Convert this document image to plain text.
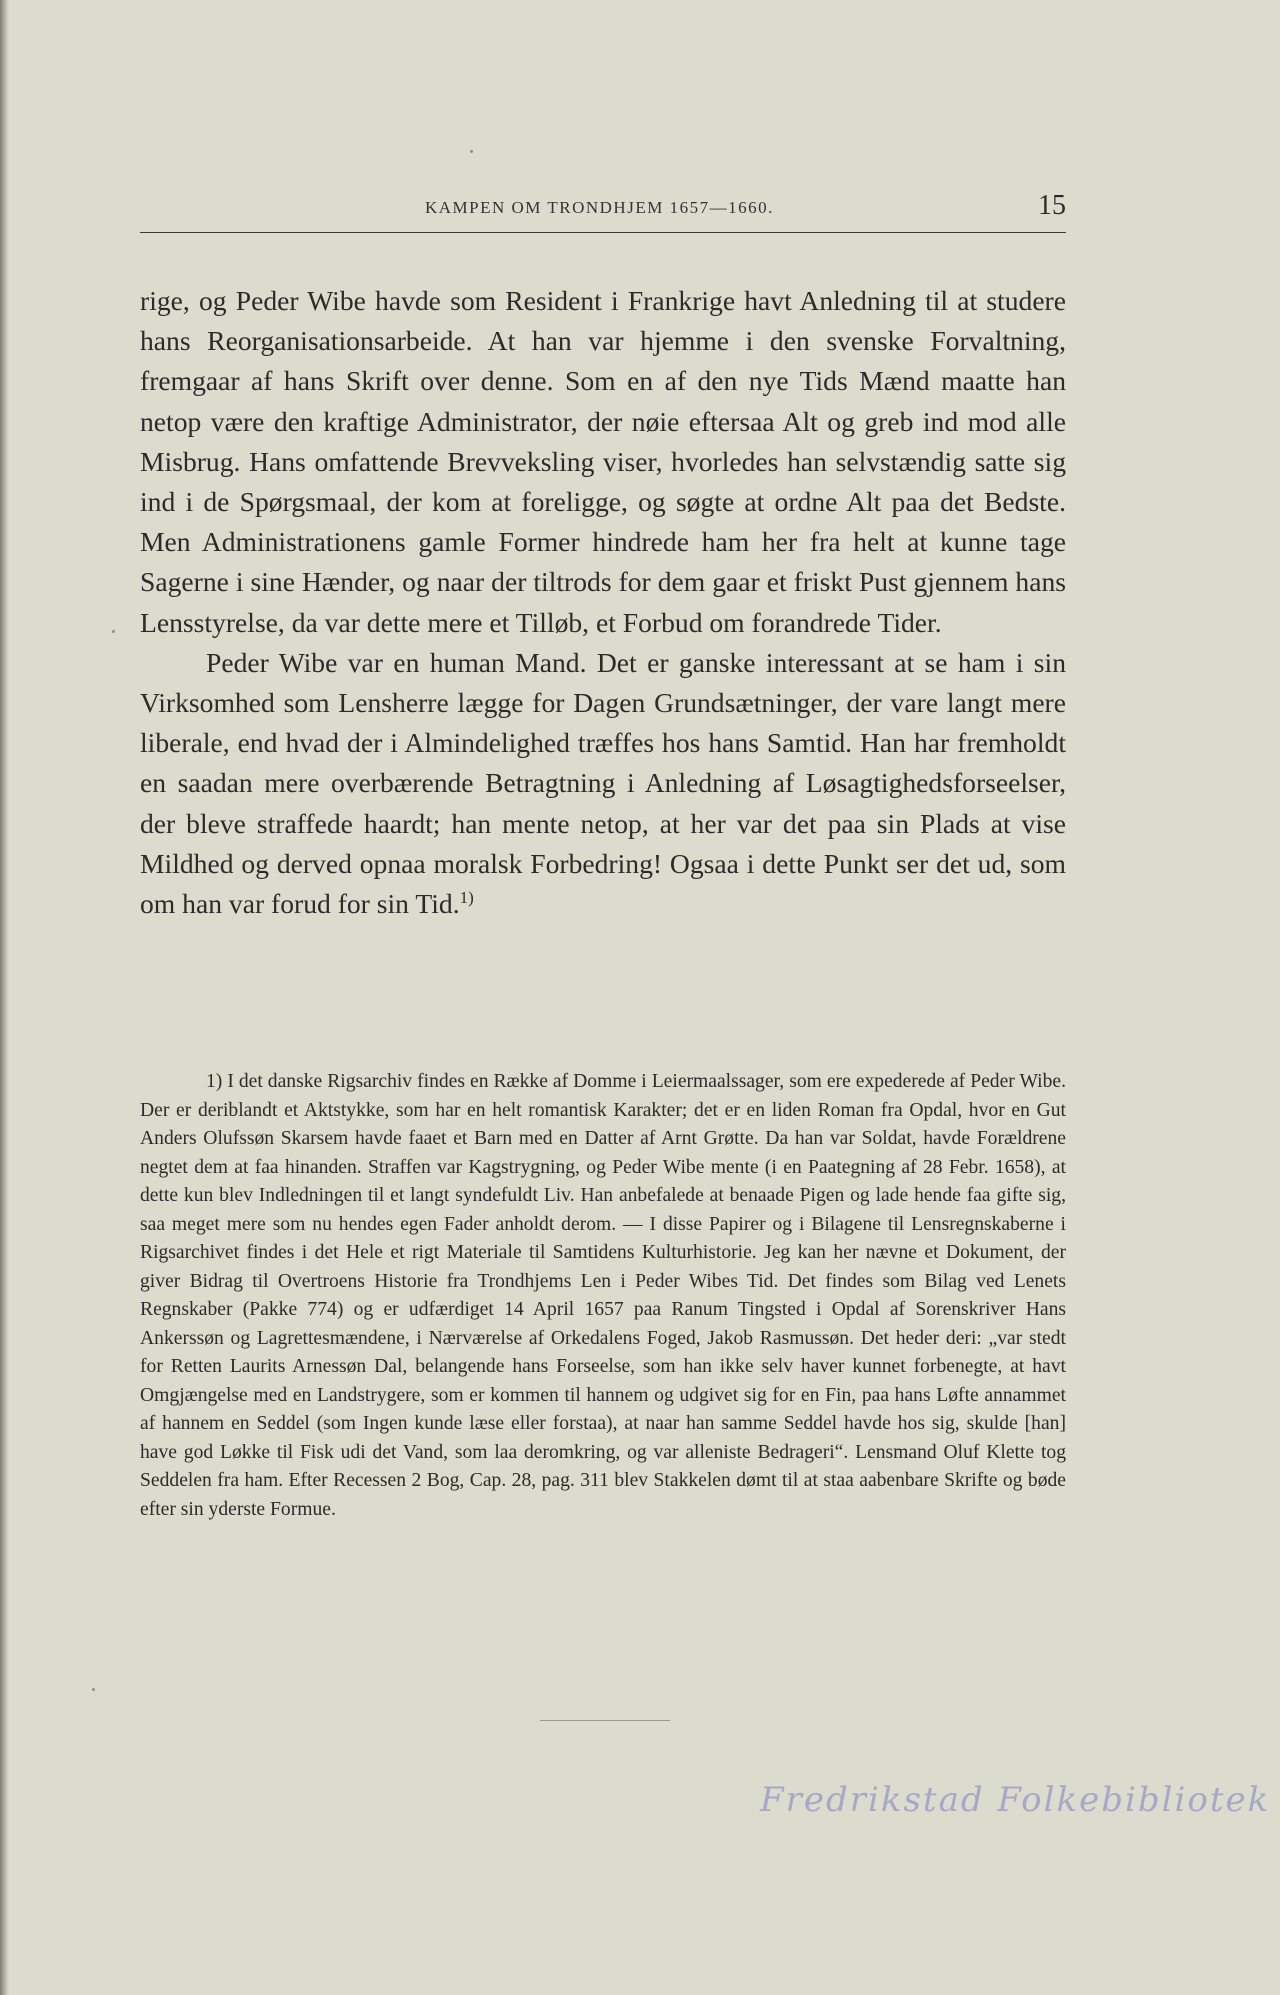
KAMPEN OM TRONDHJEM 1657—1660.	15

rige, og Peder Wibe havde som Resident i Frankrige havt Anledning til at studere hans Reorganisationsarbeide. At han var hjemme i den svenske Forvaltning, fremgaar af hans Skrift over denne. Som en af den nye Tids Mænd maatte han netop være den kraftige Administrator, der nøie eftersaa Alt og greb ind mod alle Misbrug. Hans omfattende Brevveksling viser, hvorledes han selvstændig satte sig ind i de Spørgsmaal, der kom at foreligge, og søgte at ordne Alt paa det Bedste. Men Administrationens gamle Former hindrede ham her fra helt at kunne tage Sagerne i sine Hænder, og naar der tiltrods for dem gaar et friskt Pust gjennem hans Lensstyrelse, da var dette mere et Tilløb, et Forbud om forandrede Tider.

Peder Wibe var en human Mand. Det er ganske interessant at se ham i sin Virksomhed som Lensherre lægge for Dagen Grundsætninger, der vare langt mere liberale, end hvad der i Almindelighed træffes hos hans Samtid. Han har fremholdt en saadan mere overbærende Betragtning i Anledning af Løsagtighedsforseelser, der bleve straffede haardt; han mente netop, at her var det paa sin Plads at vise Mildhed og derved opnaa moralsk Forbedring! Ogsaa i dette Punkt ser det ud, som om han var forud for sin Tid.$^{1)}$

1) I det danske Rigsarchiv findes en Række af Domme i Leiermaalssager, som ere expederede af Peder Wibe. Der er deriblandt et Aktstykke, som har en helt romantisk Karakter; det er en liden Roman fra Opdal, hvor en Gut Anders Olufssøn Skarsem havde faaet et Barn med en Datter af Arnt Grøtte. Da han var Soldat, havde Forældrene negtet dem at faa hinanden. Straffen var Kagstrygning, og Peder Wibe mente (i en Paategning af 28 Febr. 1658), at dette kun blev Indledningen til et langt syndefuldt Liv. Han anbefalede at benaade Pigen og lade hende faa gifte sig, saa meget mere som nu hendes egen Fader anholdt derom. — I disse Papirer og i Bilagene til Lensregnskaberne i Rigsarchivet findes i det Hele et rigt Materiale til Samtidens Kulturhistorie. Jeg kan her nævne et Dokument, der giver Bidrag til Overtroens Historie fra Trondhjems Len i Peder Wibes Tid. Det findes som Bilag ved Lenets Regnskaber (Pakke 774) og er udfærdiget 14 April 1657 paa Ranum Tingsted i Opdal af Sorenskriver Hans Ankerssøn og Lagrettesmændene, i Nærværelse af Orkedalens Foged, Jakob Rasmussøn. Det heder deri: „var stedt for Retten Laurits Arnessøn Dal, belangende hans Forseelse, som han ikke selv haver kunnet forbenegte, at havt Omgjængelse med en Landstrygere, som er kommen til hannem og udgivet sig for en Fin, paa hans Løfte annammet af hannem en Seddel (som Ingen kunde læse eller forstaa), at naar han samme Seddel havde hos sig, skulde [han] have god Løkke til Fisk udi det Vand, som laa deromkring, og var alleniste Bedrageri“. Lensmand Oluf Klette tog Seddelen fra ham. Efter Recessen 2 Bog, Cap. 28, pag. 311 blev Stakkelen dømt til at staa aabenbare Skrifte og bøde efter sin yderste Formue.

Fredrikstad Folkebibliotek
